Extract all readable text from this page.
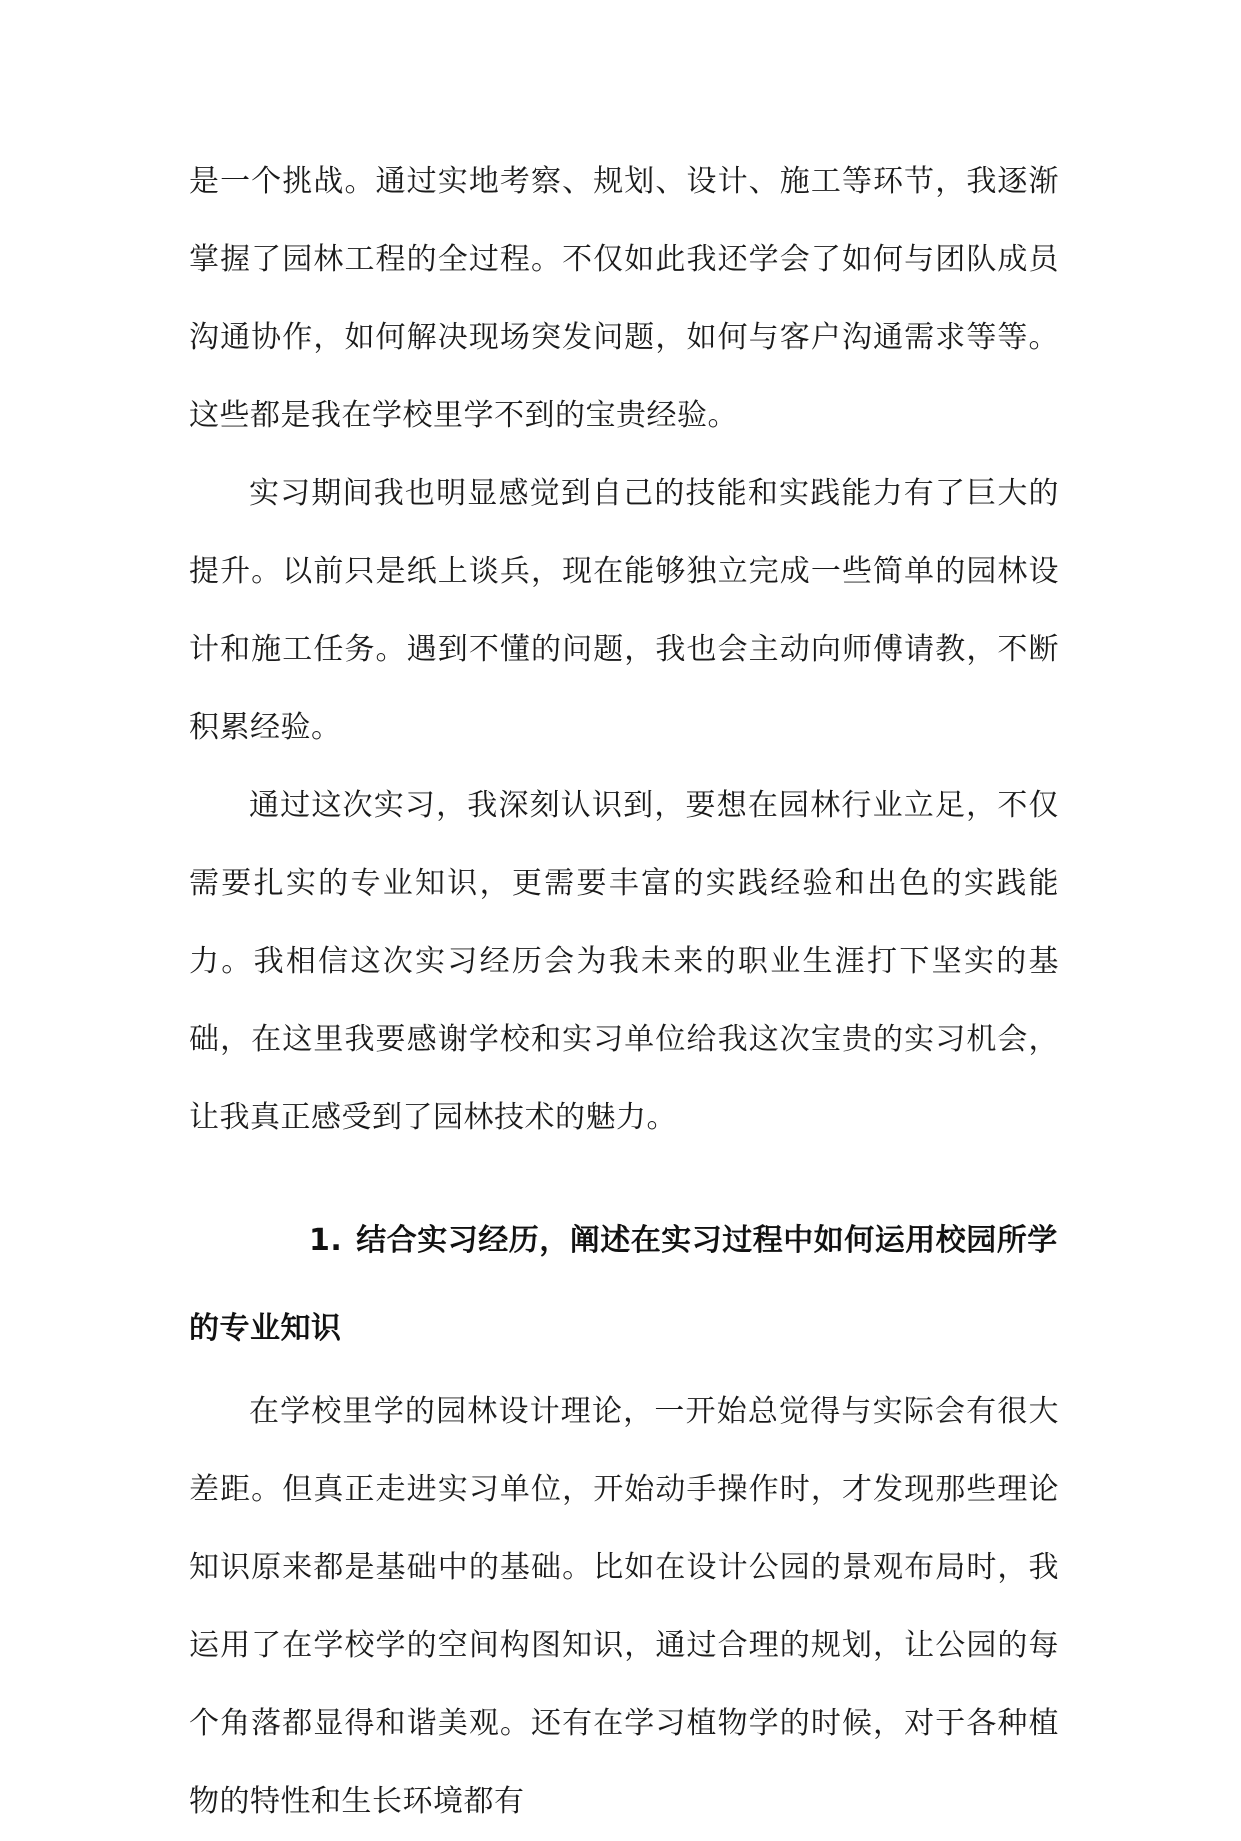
是一个挑战。通过实地考察、规划、设计、施工等环节，我逐渐掌握了园林工程的全过程。不仅如此我还学会了如何与团队成员沟通协作，如何解决现场突发问题，如何与客户沟通需求等等。这些都是我在学校里学不到的宝贵经验。

实习期间我也明显感觉到自己的技能和实践能力有了巨大的提升。以前只是纸上谈兵，现在能够独立完成一些简单的园林设计和施工任务。遇到不懂的问题，我也会主动向师傅请教，不断积累经验。

通过这次实习，我深刻认识到，要想在园林行业立足，不仅需要扎实的专业知识，更需要丰富的实践经验和出色的实践能力。我相信这次实习经历会为我未来的职业生涯打下坚实的基础，在这里我要感谢学校和实习单位给我这次宝贵的实习机会，让我真正感受到了园林技术的魅力。

1. 结合实习经历，阐述在实习过程中如何运用校园所学的专业知识

在学校里学的园林设计理论，一开始总觉得与实际会有很大差距。但真正走进实习单位，开始动手操作时，才发现那些理论知识原来都是基础中的基础。比如在设计公园的景观布局时，我运用了在学校学的空间构图知识，通过合理的规划，让公园的每个角落都显得和谐美观。还有在学习植物学的时候，对于各种植物的特性和生长环境都有
